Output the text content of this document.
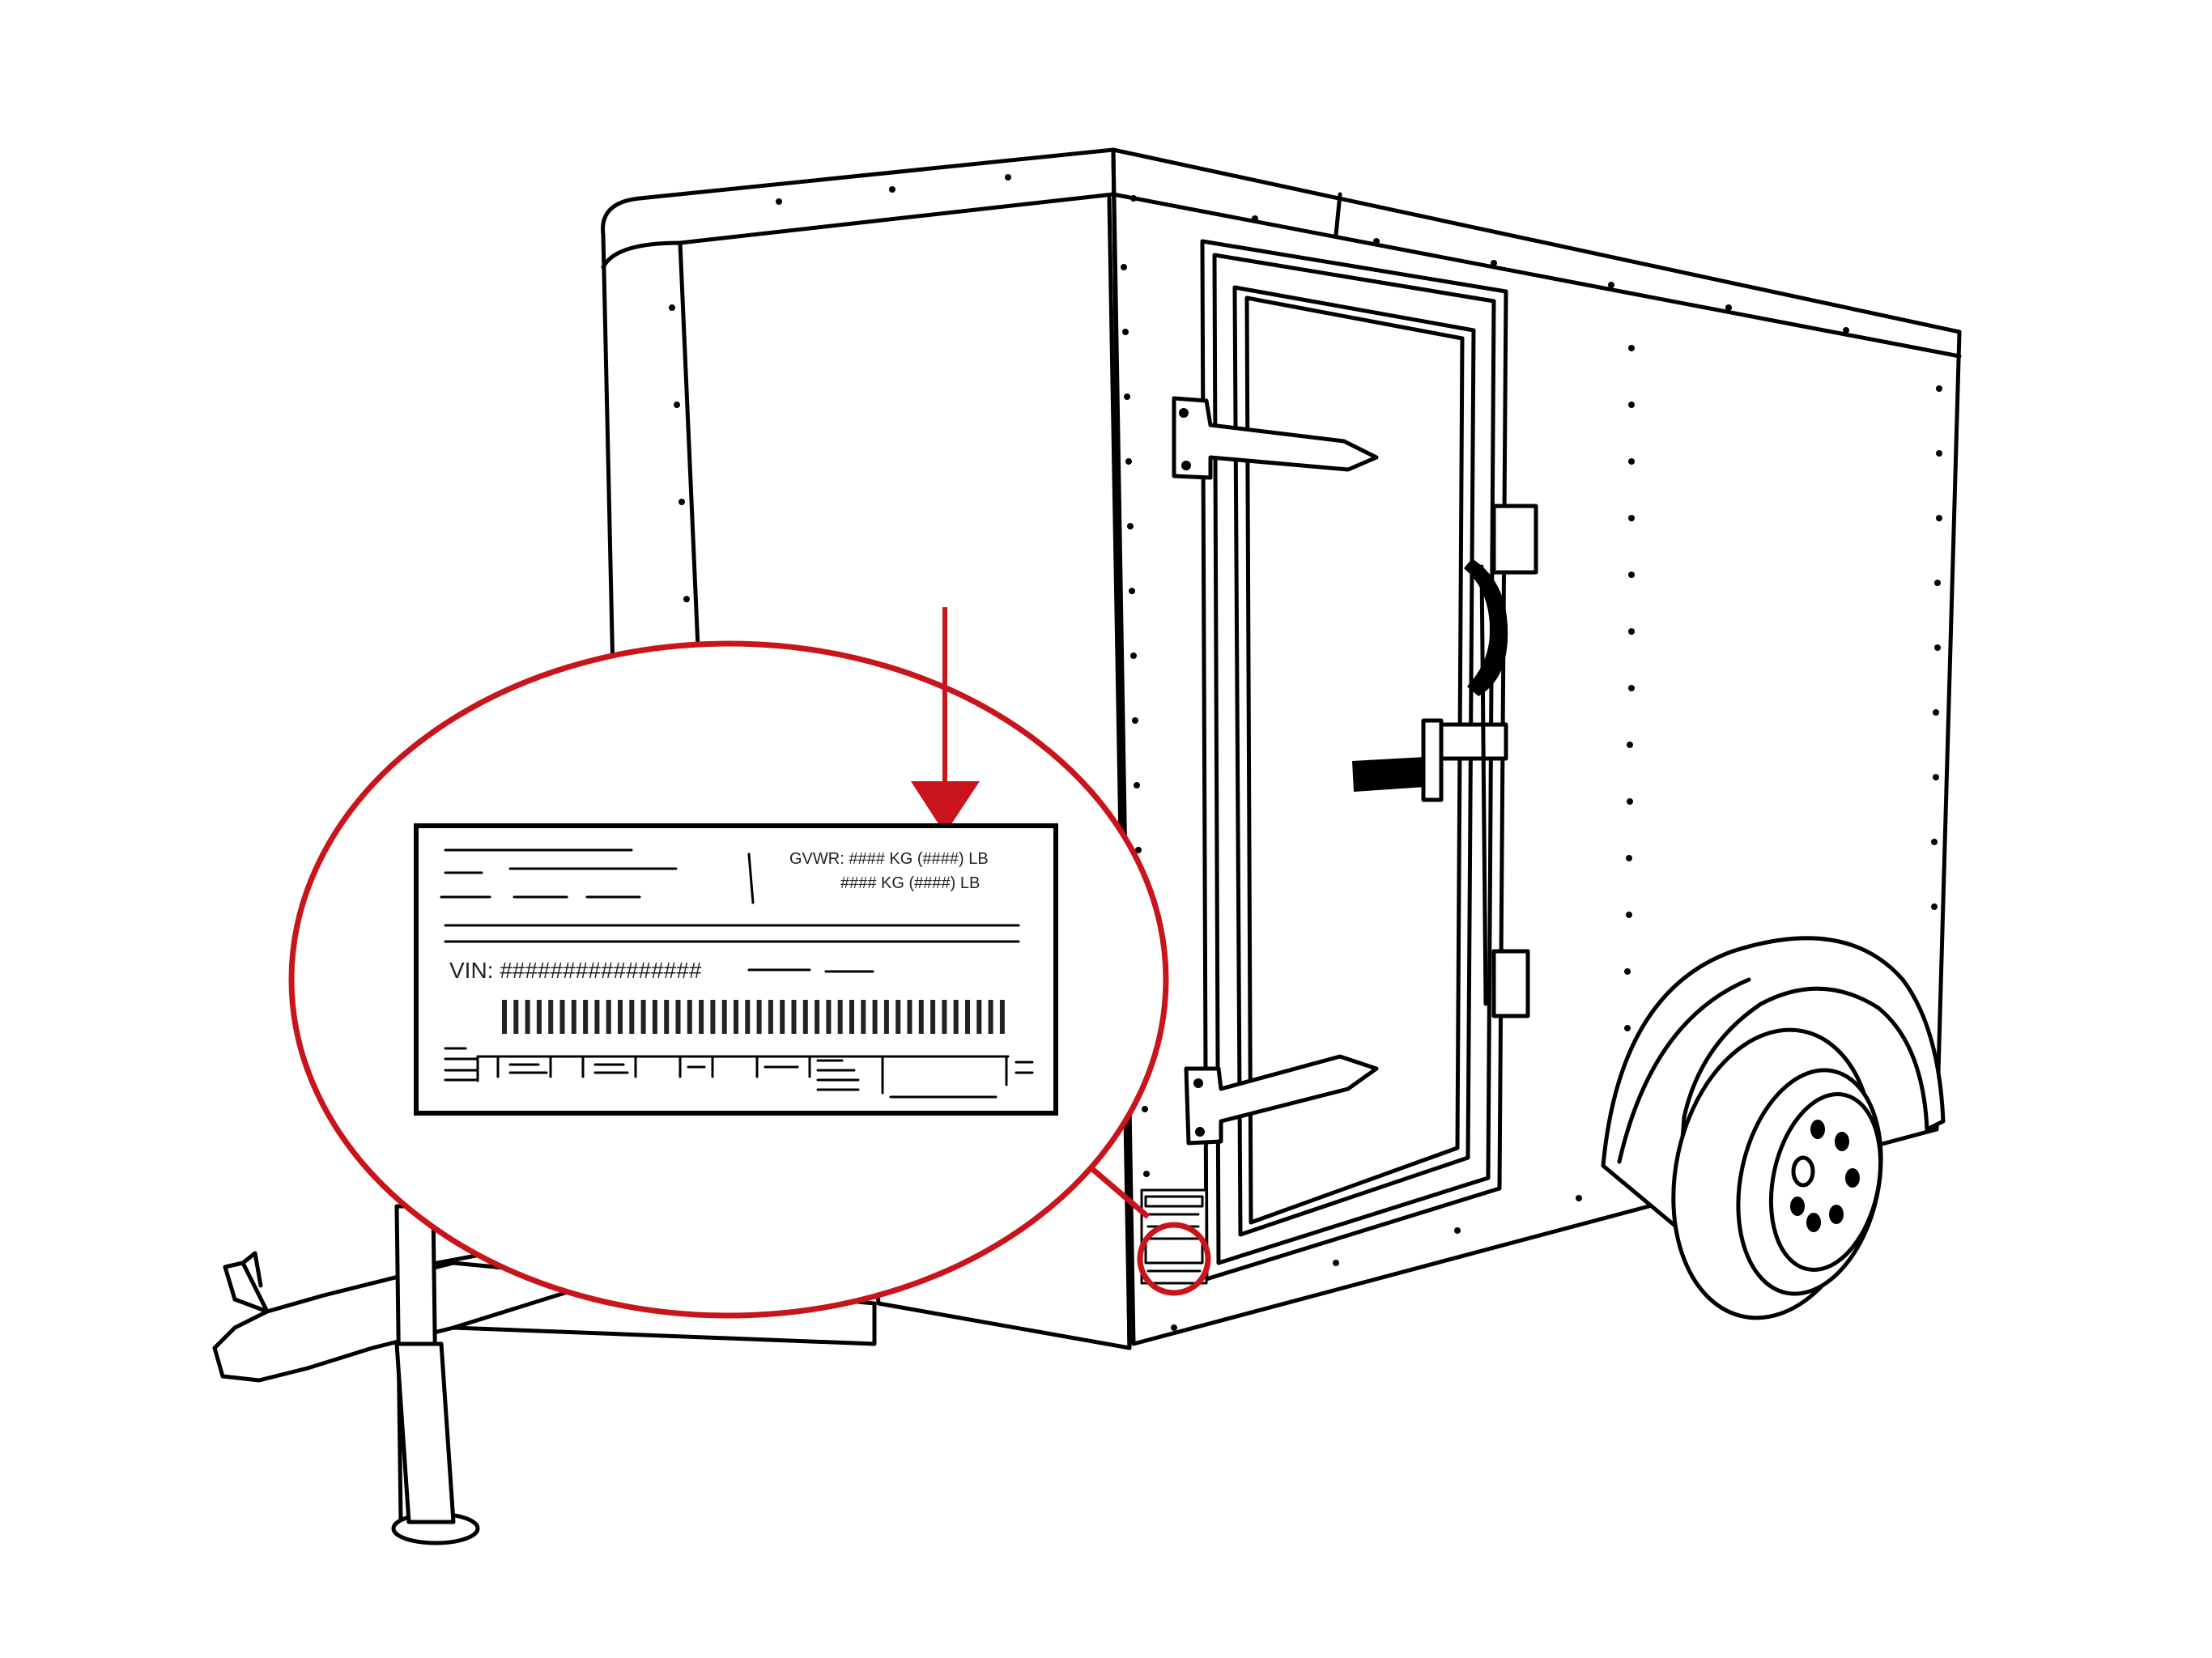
GVWR: #### KG (####) LB
#### KG (####) LB
VIN: ################
